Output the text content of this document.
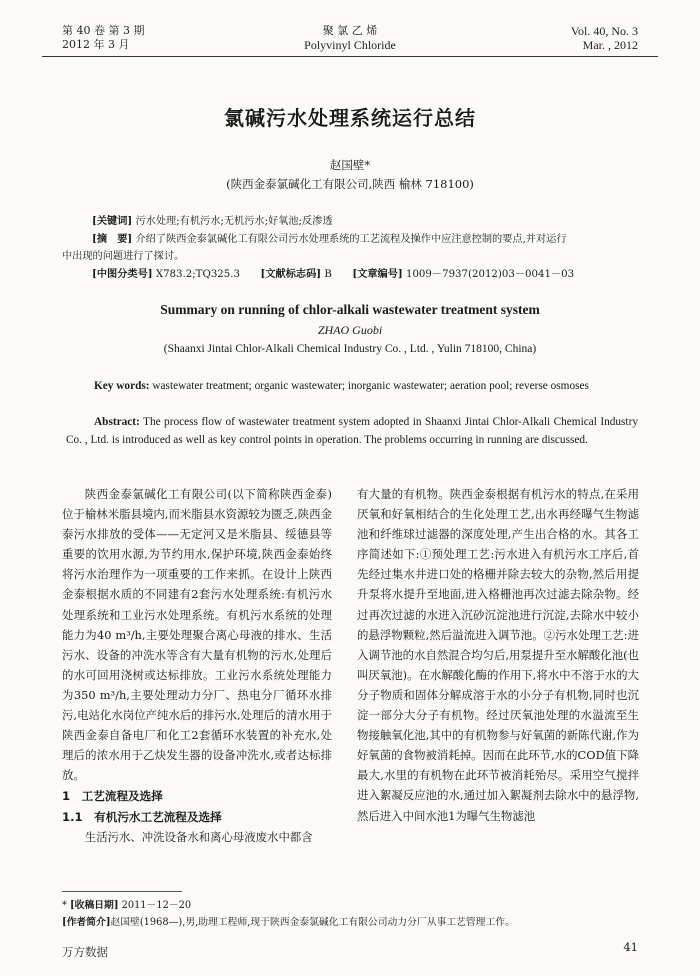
第 40 卷 第 3 期
2012 年 3 月
聚 氯 乙 烯
Polyvinyl Chloride
Vol. 40, No. 3
Mar. , 2012
氯碱污水处理系统运行总结
赵国壁*
(陕西金泰氯碱化工有限公司,陕西 榆林 718100)
[关键词] 污水处理;有机污水;无机污水;好氧池;反渗透
[摘　要] 介绍了陕西金泰氯碱化工有限公司污水处理系统的工艺流程及操作中应注意控制的要点,并对运行
中出现的问题进行了探讨。
[中图分类号] X783.2;TQ325.3 [文献标志码] B [文章编号] 1009－7937(2012)03－0041－03
Summary on running of chlor-alkali wastewater treatment system
ZHAO Guobi
(Shaanxi Jintai Chlor-Alkali Chemical Industry Co. , Ltd. , Yulin 718100, China)
Key words: wastewater treatment; organic wastewater; inorganic wastewater; aeration pool; reverse osmoses
Abstract: The process flow of wastewater treatment system adopted in Shaanxi Jintai Chlor-Alkali Chemical Industry Co. , Ltd. is introduced as well as key control points in operation. The problems occurring in running are discussed.
陕西金泰氯碱化工有限公司(以下简称陕西金泰)位于榆林米脂县境内,而米脂县水资源较为匮乏,陕西金泰污水排放的受体——无定河又是米脂县、绥德县等重要的饮用水源,为节约用水,保护环境,陕西金泰始终将污水治理作为一项重要的工作来抓。在设计上陕西金泰根据水质的不同建有2套污水处理系统:有机污水处理系统和工业污水处理系统。有机污水系统的处理能力为40 m³/h,主要处理聚合离心母液的排水、生活污水、设备的冲洗水等含有大量有机物的污水,处理后的水可回用浇树或达标排放。工业污水系统处理能力为350 m³/h,主要处理动力分厂、热电分厂循环水排污,电站化水岗位产纯水后的排污水,处理后的清水用于陕西金泰自备电厂和化工2套循环水装置的补充水,处理后的浓水用于乙炔发生器的设备冲洗水,或者达标排放。
1　工艺流程及选择
1.1　有机污水工艺流程及选择
生活污水、冲洗设备水和离心母液废水中都含
有大量的有机物。陕西金泰根据有机污水的特点,在采用厌氧和好氧相结合的生化处理工艺,出水再经曝气生物滤池和纤维球过滤器的深度处理,产生出合格的水。其各工序简述如下:①预处理工艺:污水进入有机污水工序后,首先经过集水井进口处的格栅并除去较大的杂物,然后用提升泵将水提升至地面,进入格栅池再次过滤去除杂物。经过再次过滤的水进入沉砂沉淀池进行沉淀,去除水中较小的悬浮物颗粒,然后溢流进入调节池。②污水处理工艺:进入调节池的水自然混合均匀后,用泵提升至水解酸化池(也叫厌氧池)。在水解酸化酶的作用下,将水中不溶于水的大分子物质和固体分解成溶于水的小分子有机物,同时也沉淀一部分大分子有机物。经过厌氧池处理的水溢流至生物接触氧化池,其中的有机物参与好氧菌的新陈代谢,作为好氧菌的食物被消耗掉。因而在此环节,水的COD值下降最大,水里的有机物在此环节被消耗殆尽。采用空气搅拌进入絮凝反应池的水,通过加入絮凝剂去除水中的悬浮物,然后进入中间水池1为曝气生物滤池
* [收稿日期] 2011－12－20
[作者简介]赵国壁(1968—),男,助理工程师,现于陕西金泰氯碱化工有限公司动力分厂从事工艺管理工作。
万方数据	41
